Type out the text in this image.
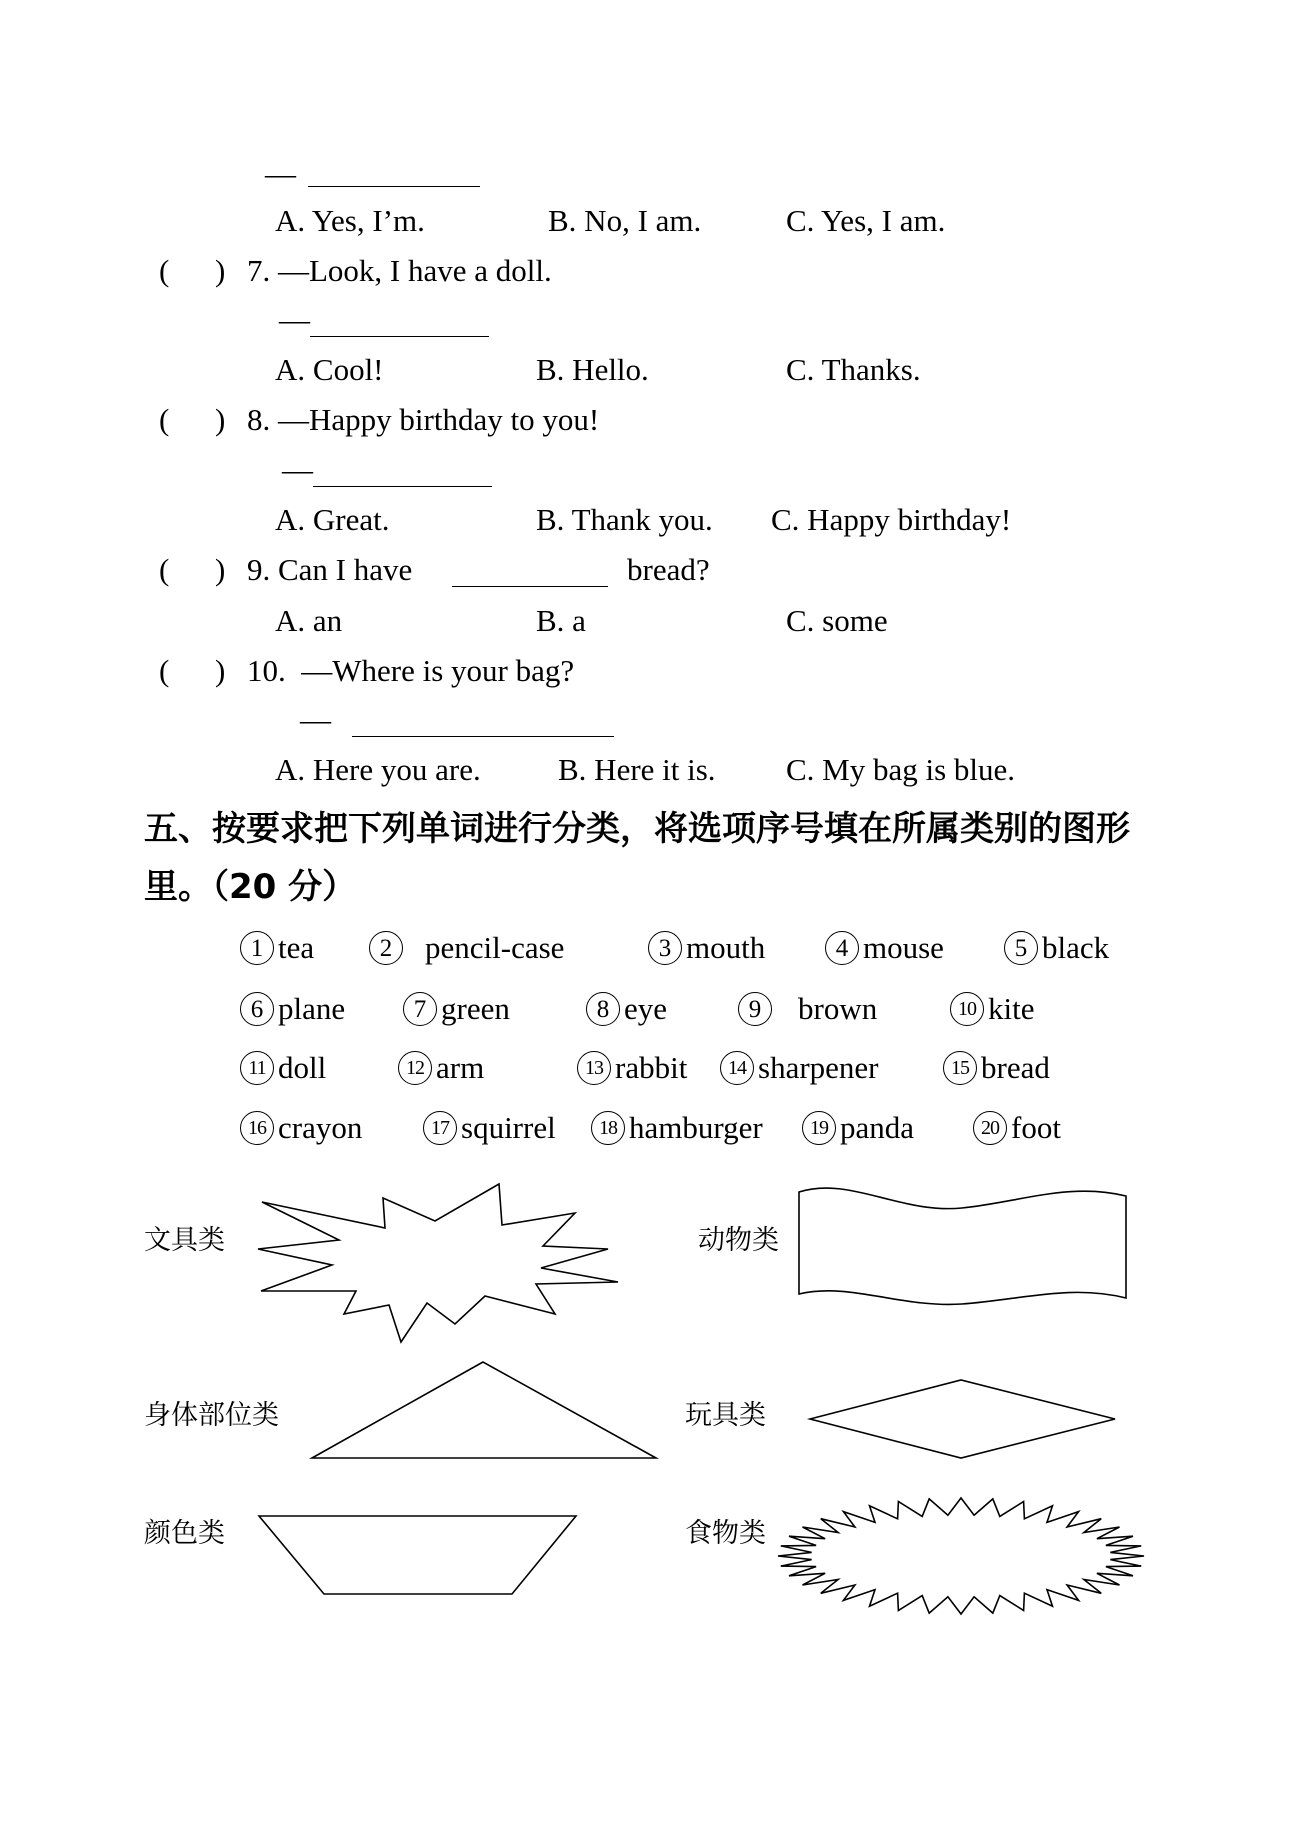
—
A. Yes, I’m.	B. No, I am.	C. Yes, I am.
( ) 7. —Look, I have a doll.
—
A. Cool!	B. Hello.	C. Thanks.
( ) 8. —Happy birthday to you!
—
A. Great.	B. Thank you. C. Happy birthday!
( ) 9. Can I have	bread?
A. an	B. a	C. some
( ) 10.  —Where is your bag?
—
A. Here you are. B. Here it is. C. My bag is blue.
五、按要求把下列单词进行分类，将选项序号填在所属类别的图形
里。（20 分）
1 tea	2	pencil-case	3 mouth	4 mouse	5 black
6 plane	7 green	8 eye	9	brown	10 kite
11 doll	12 arm	13 rabbit	14 sharpener	15 bread
16 crayon	17 squirrel	18 hamburger	19 panda	20 foot
文具类	动物类
身体部位类	玩具类
颜色类	食物类
